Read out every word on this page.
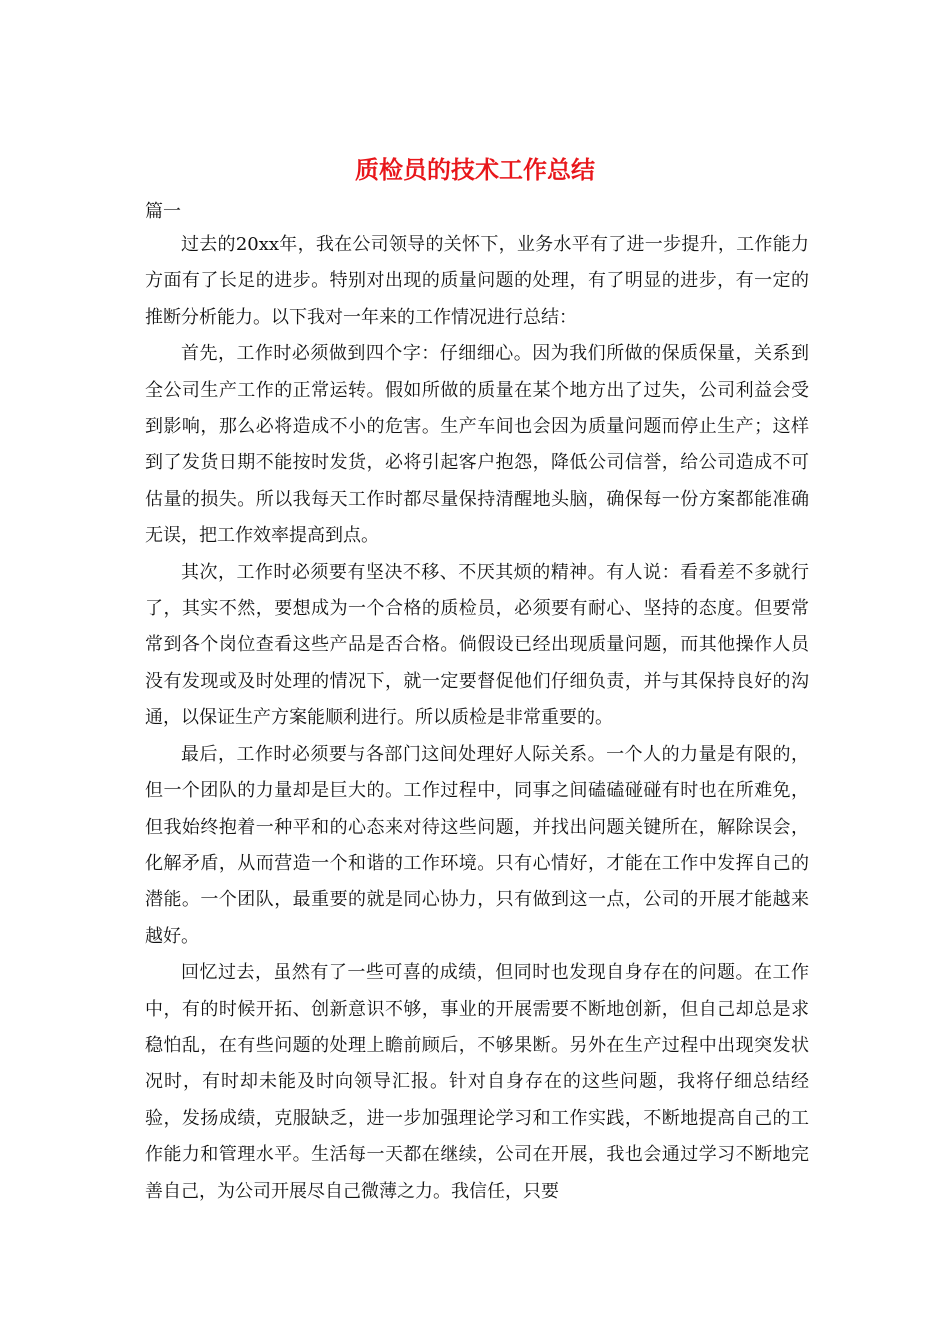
质检员的技术工作总结

篇一

过去的20xx年，我在公司领导的关怀下，业务水平有了进一步提升，工作能力方面有了长足的进步。特别对出现的质量问题的处理，有了明显的进步，有一定的推断分析能力。以下我对一年来的工作情况进行总结：

首先，工作时必须做到四个字：仔细细心。因为我们所做的保质保量，关系到全公司生产工作的正常运转。假如所做的质量在某个地方出了过失，公司利益会受到影响，那么必将造成不小的危害。生产车间也会因为质量问题而停止生产；这样到了发货日期不能按时发货，必将引起客户抱怨，降低公司信誉，给公司造成不可估量的损失。所以我每天工作时都尽量保持清醒地头脑，确保每一份方案都能准确无误，把工作效率提高到点。

其次，工作时必须要有坚决不移、不厌其烦的精神。有人说：看看差不多就行了，其实不然，要想成为一个合格的质检员，必须要有耐心、坚持的态度。但要常常到各个岗位查看这些产品是否合格。倘假设已经出现质量问题，而其他操作人员没有发现或及时处理的情况下，就一定要督促他们仔细负责，并与其保持良好的沟通，以保证生产方案能顺利进行。所以质检是非常重要的。

最后，工作时必须要与各部门这间处理好人际关系。一个人的力量是有限的，但一个团队的力量却是巨大的。工作过程中，同事之间磕磕碰碰有时也在所难免，但我始终抱着一种平和的心态来对待这些问题，并找出问题关键所在，解除误会，化解矛盾，从而营造一个和谐的工作环境。只有心情好，才能在工作中发挥自己的潜能。一个团队，最重要的就是同心协力，只有做到这一点，公司的开展才能越来越好。

回忆过去，虽然有了一些可喜的成绩，但同时也发现自身存在的问题。在工作中，有的时候开拓、创新意识不够，事业的开展需要不断地创新，但自己却总是求稳怕乱，在有些问题的处理上瞻前顾后，不够果断。另外在生产过程中出现突发状况时，有时却未能及时向领导汇报。针对自身存在的这些问题，我将仔细总结经验，发扬成绩，克服缺乏，进一步加强理论学习和工作实践，不断地提高自己的工作能力和管理水平。生活每一天都在继续，公司在开展，我也会通过学习不断地完善自己，为公司开展尽自己微薄之力。我信任，只要
